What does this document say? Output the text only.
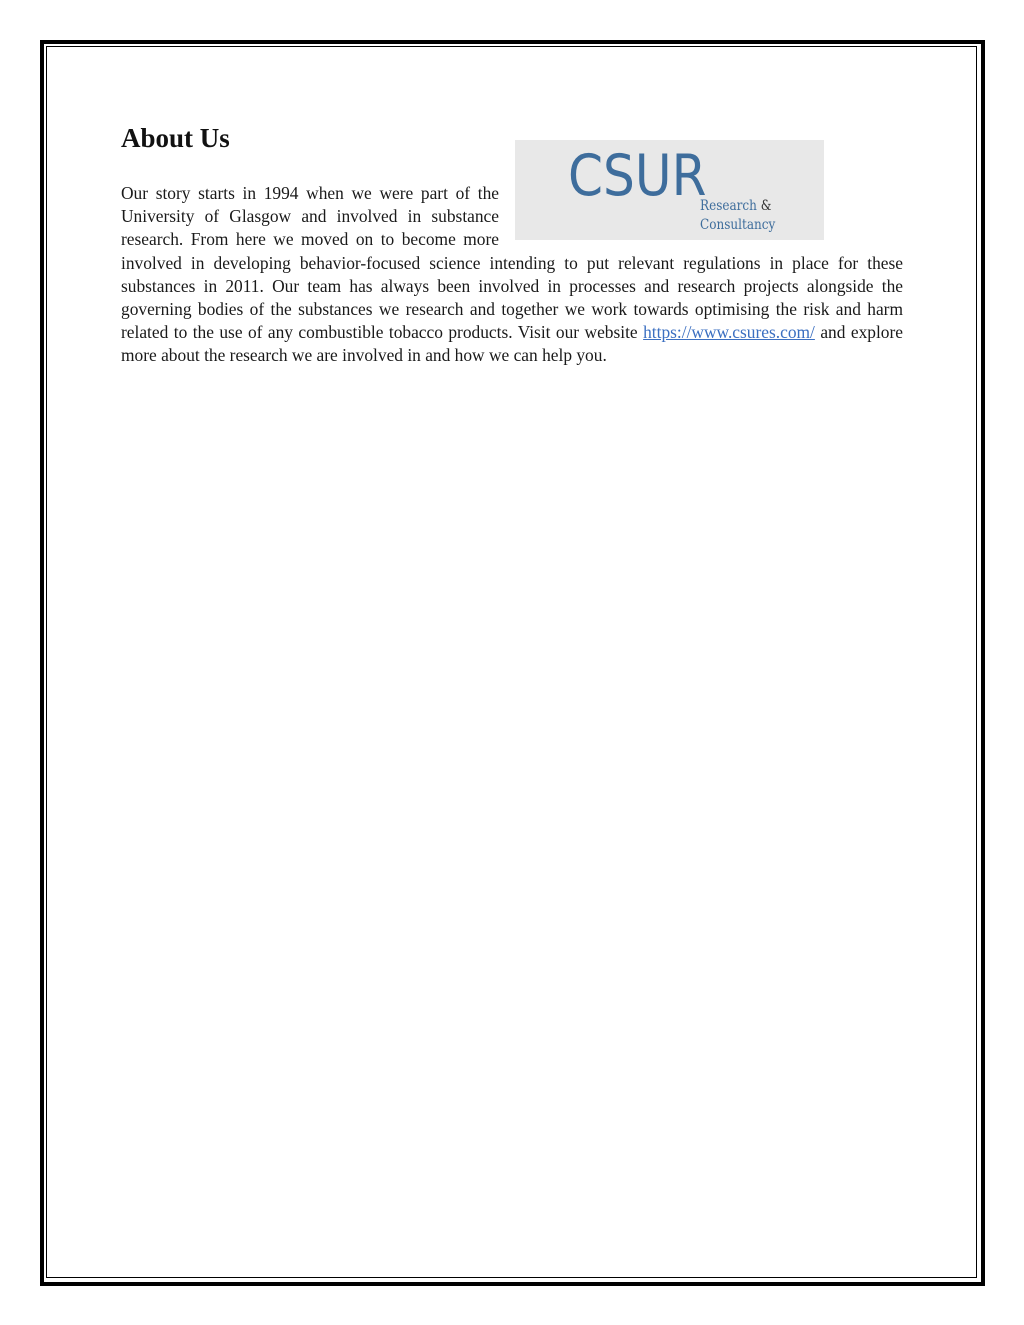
About Us

CSUR
Research &
Consultancy
Our story starts in 1994 when we were part of the University of Glasgow and involved in substance research. From here we moved on to become more involved in developing behavior-focused science intending to put relevant regulations in place for these substances in 2011. Our team has always been involved in processes and research projects alongside the governing bodies of the substances we research and together we work towards optimising the risk and harm related to the use of any combustible tobacco products. Visit our website https://www.csures.com/ and explore more about the research we are involved in and how we can help you.
